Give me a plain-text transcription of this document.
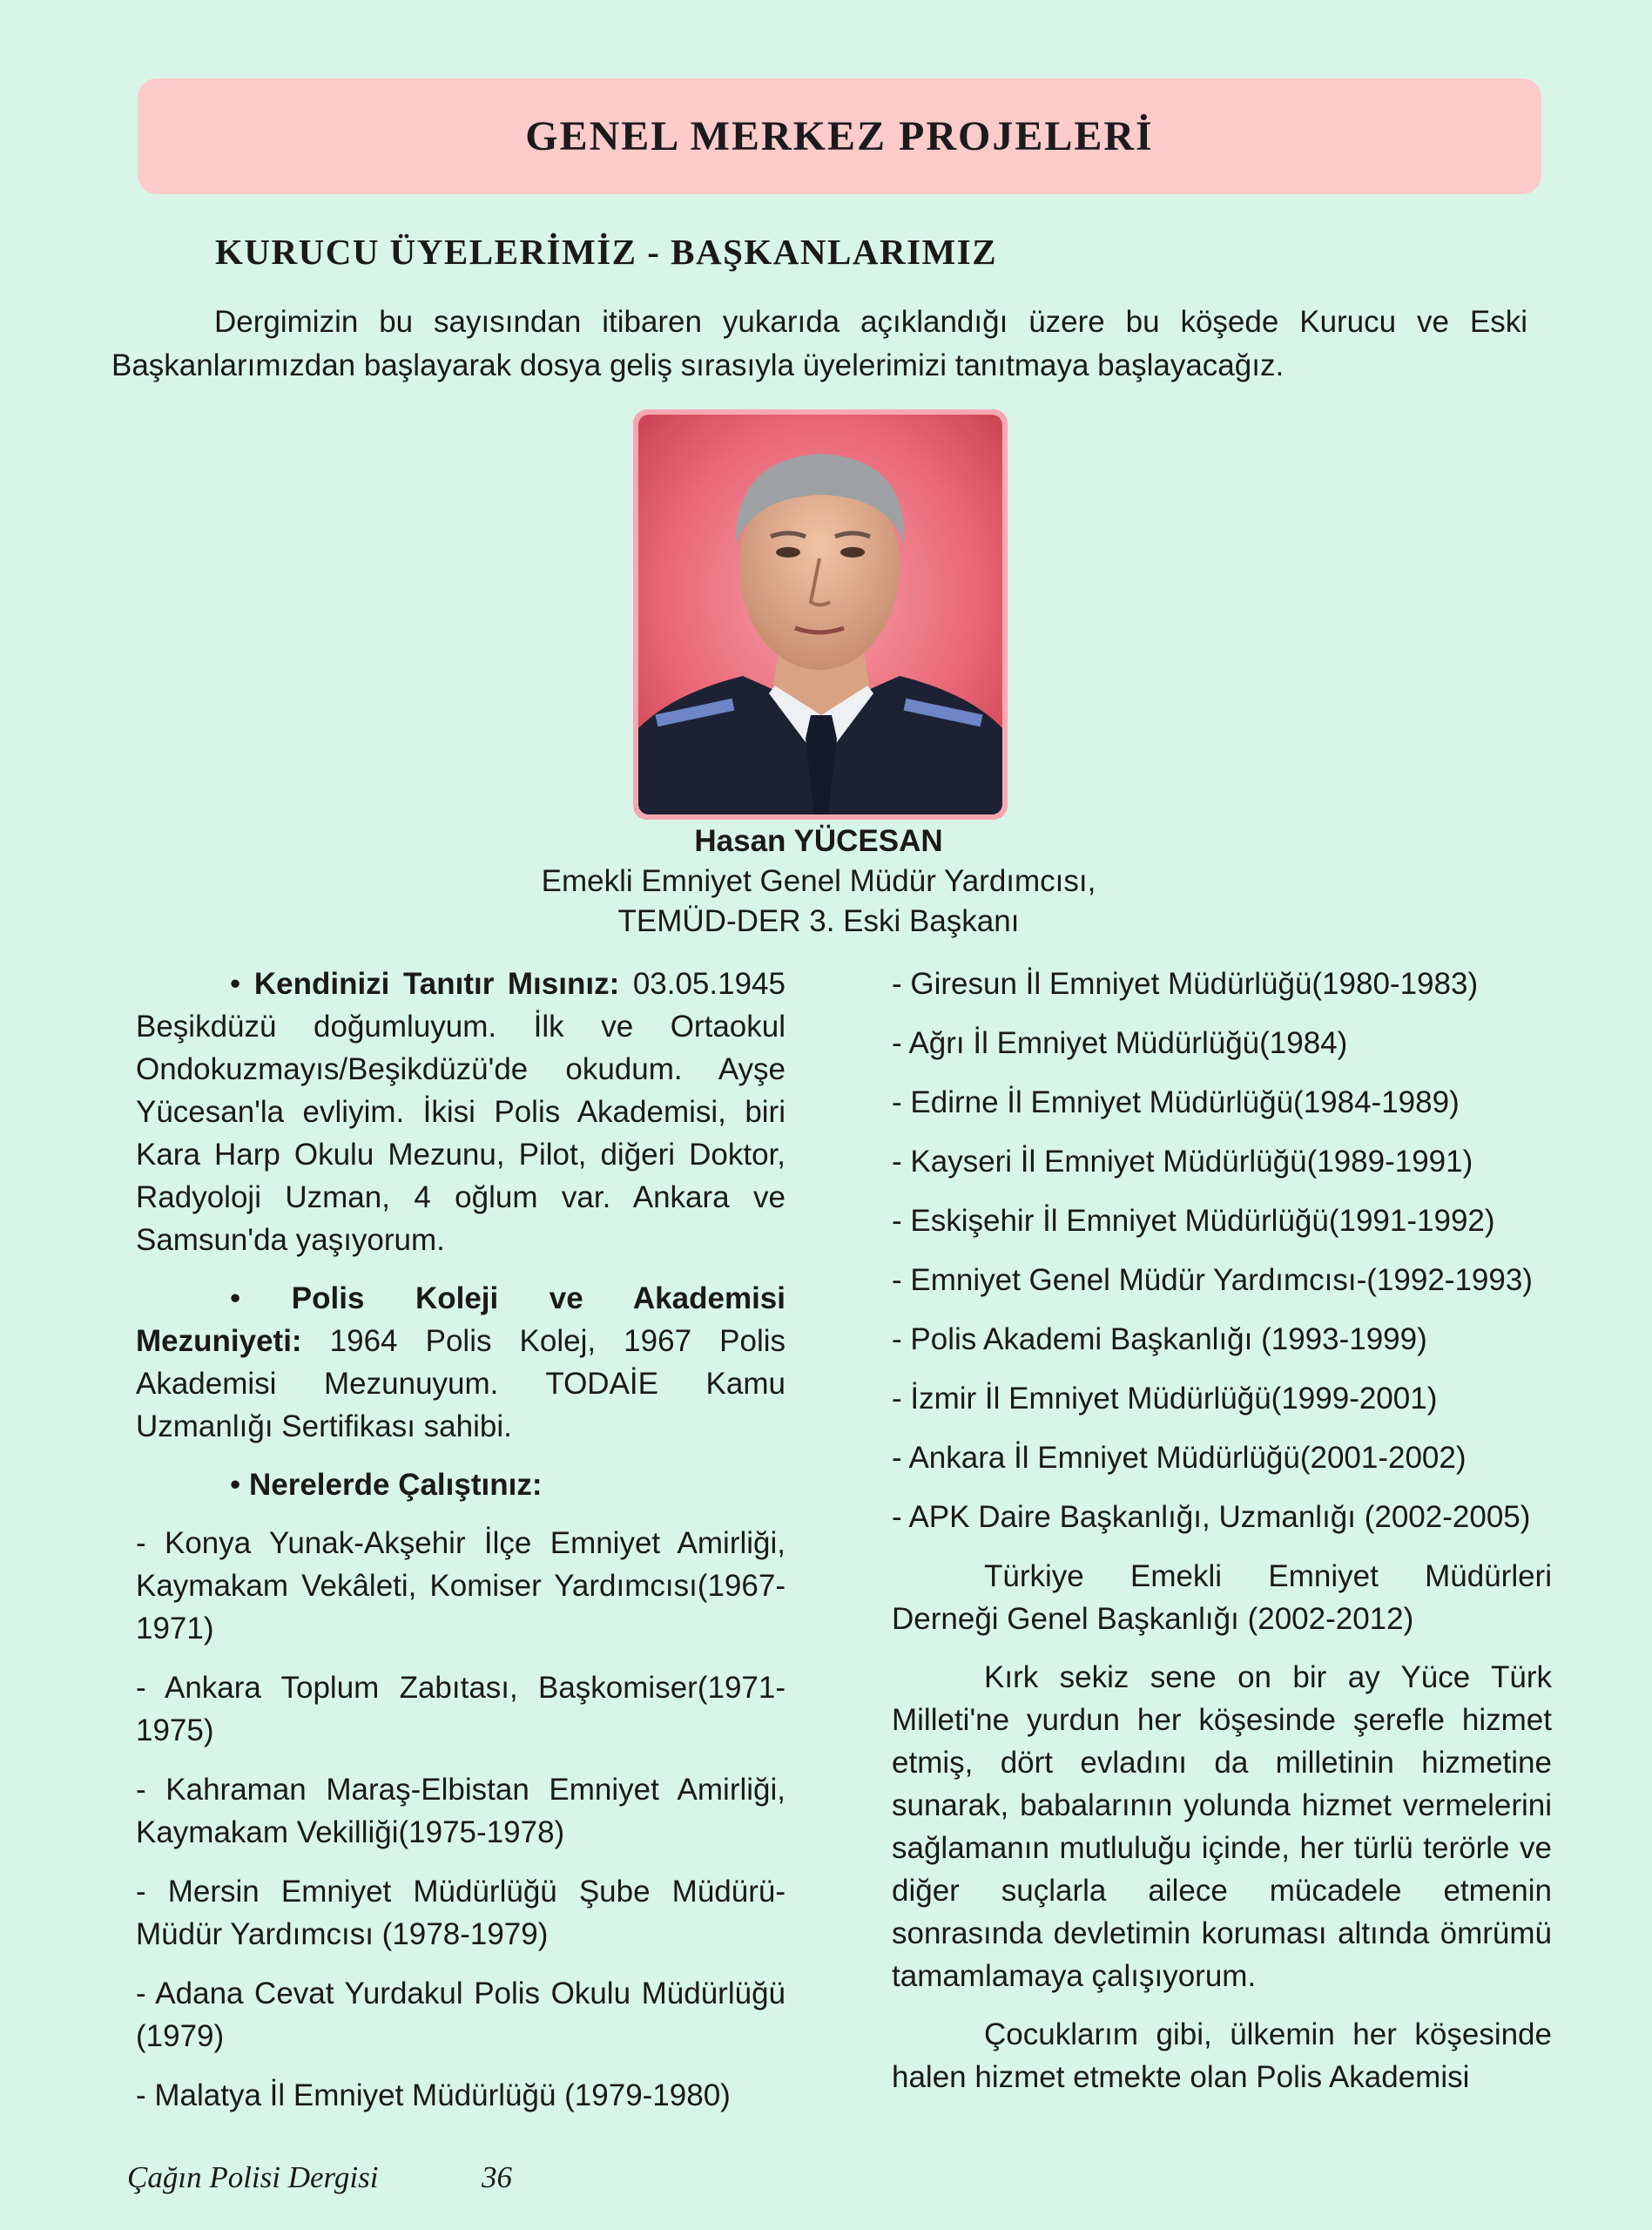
GENEL MERKEZ PROJELERİ
KURUCU ÜYELERİMİZ - BAŞKANLARIMIZ
Dergimizin bu sayısından itibaren yukarıda açıklandığı üzere bu köşede Kurucu ve Eski Başkanlarımızdan başlayarak dosya geliş sırasıyla üyelerimizi tanıtmaya başlayacağız.
Hasan YÜCESAN
Emekli Emniyet Genel Müdür Yardımcısı,
TEMÜD-DER 3. Eski Başkanı

• Kendinizi Tanıtır Mısınız: 03.05.1945 Beşikdüzü doğumluyum. İlk ve Ortaokul Ondokuzmayıs/Beşikdüzü'de okudum. Ayşe Yücesan'la evliyim. İkisi Polis Akademisi, biri Kara Harp Okulu Mezunu, Pilot, diğeri Doktor, Radyoloji Uzman, 4 oğlum var. Ankara ve Samsun'da yaşıyorum.

• Polis Koleji ve Akademisi Mezuniyeti: 1964 Polis Kolej, 1967 Polis Akademisi Mezunuyum. TODAİE Kamu Uzmanlığı Sertifikası sahibi.

• Nerelerde Çalıştınız:

- Konya Yunak-Akşehir İlçe Emniyet Amirliği, Kaymakam Vekâleti, Komiser Yardımcısı(1967-1971)
- Ankara Toplum Zabıtası, Başkomiser(1971-1975)
- Kahraman Maraş-Elbistan Emniyet Amirliği, Kaymakam Vekilliği(1975-1978)
- Mersin Emniyet Müdürlüğü Şube Müdürü-Müdür Yardımcısı (1978-1979)
- Adana Cevat Yurdakul Polis Okulu Müdürlüğü (1979)
- Malatya İl Emniyet Müdürlüğü (1979-1980)
- Giresun İl Emniyet Müdürlüğü(1980-1983)
- Ağrı İl Emniyet Müdürlüğü(1984)
- Edirne İl Emniyet Müdürlüğü(1984-1989)
- Kayseri İl Emniyet Müdürlüğü(1989-1991)
- Eskişehir İl Emniyet Müdürlüğü(1991-1992)
- Emniyet Genel Müdür Yardımcısı-(1992-1993)
- Polis Akademi Başkanlığı (1993-1999)
- İzmir İl Emniyet Müdürlüğü(1999-2001)
- Ankara İl Emniyet Müdürlüğü(2001-2002)
- APK Daire Başkanlığı, Uzmanlığı (2002-2005)

Türkiye Emekli Emniyet Müdürleri Derneği Genel Başkanlığı (2002-2012)

Kırk sekiz sene on bir ay Yüce Türk Milleti'ne yurdun her köşesinde şerefle hizmet etmiş, dört evladını da milletinin hizmetine sunarak, babalarının yolunda hizmet vermelerini sağlamanın mutluluğu içinde, her türlü terörle ve diğer suçlarla ailece mücadele etmenin sonrasında devletimin koruması altında ömrümü tamamlamaya çalışıyorum.

Çocuklarım gibi, ülkemin her köşesinde halen hizmet etmekte olan Polis Akademisi

Çağın Polisi Dergisi	36
